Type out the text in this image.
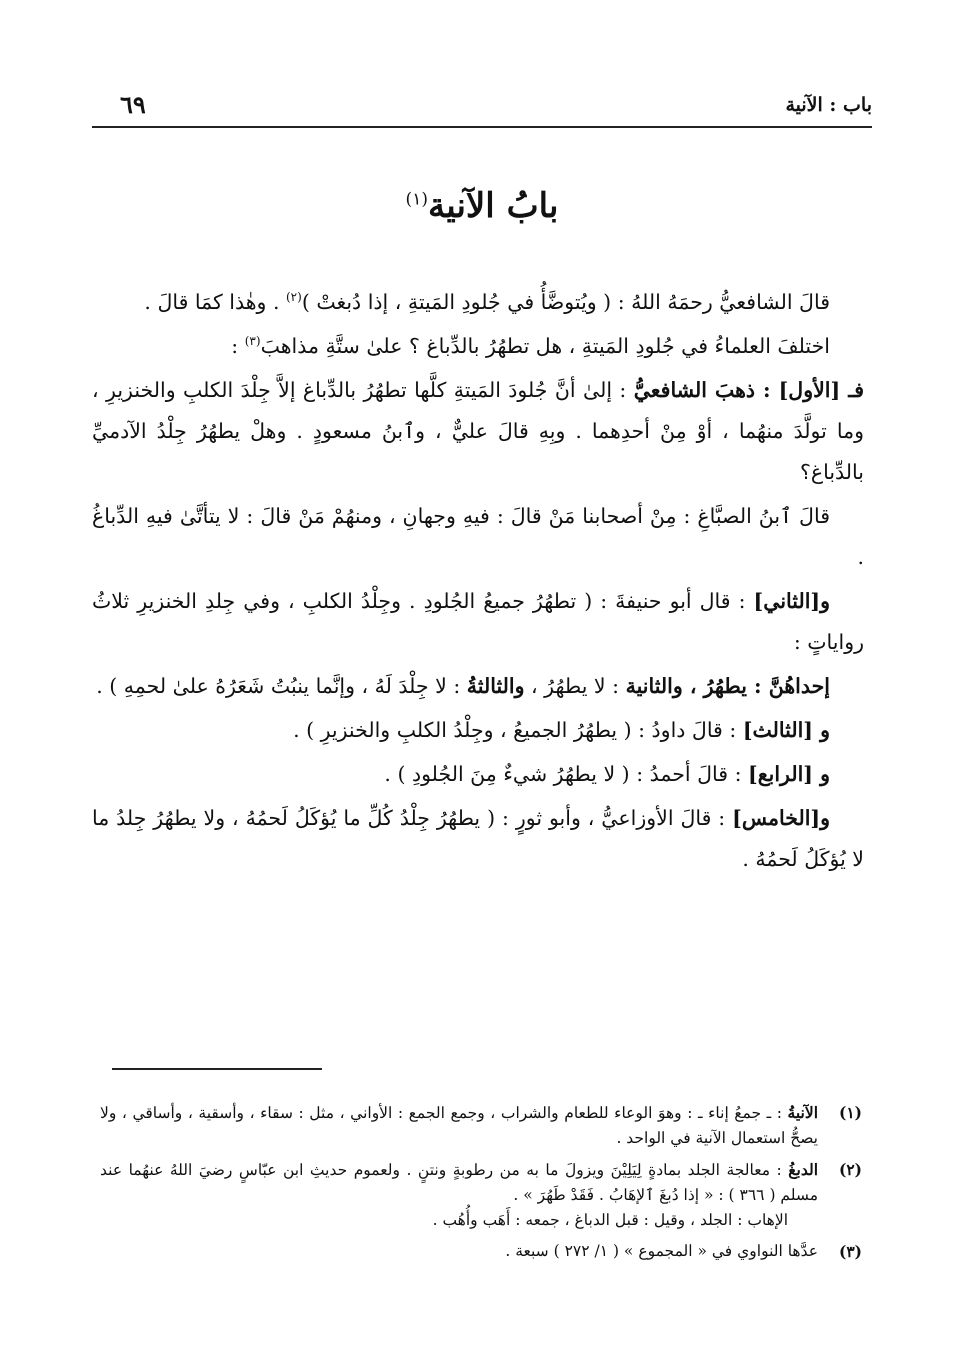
باب : الآنية
٦٩
بابُ الآنية$^{(١)}$

قالَ الشافعيُّ رحمَهُ اللهُ : ( ويُتوضَّأُ في جُلودِ المَيتةِ ، إذا دُبغتْ )$^{(٢)}$ . وهٰذا كمَا قالَ .

اختلفَ العلماءُ في جُلودِ المَيتةِ ، هل تطهُرُ بالدِّباغ ؟ علىٰ ستَّةِ مذاهبَ$^{(٣)}$ :

فـ [الأول] : ذهبَ الشافعيُّ : إلىٰ أنَّ جُلودَ المَيتةِ كلَّها تطهُرُ بالدِّباغ إلاَّ جِلْدَ الكلبِ والخنزيرِ ، وما تولَّدَ منهُما ، أوْ مِنْ أحدِهما . وبِهِ قالَ عليٌّ ، وٱبنُ مسعودٍ . وهلْ يطهُرُ جِلْدُ الآدميِّ بالدِّباغ؟

قالَ ٱبنُ الصبَّاغِ : مِنْ أصحابنا مَنْ قالَ : فيهِ وجهانِ ، ومنهُمْ مَنْ قالَ : لا يتأتَّىٰ فيهِ الدِّباغُ .

و[الثاني] : قال أبو حنيفةَ : ( تطهُرُ جميعُ الجُلودِ . وجِلْدُ الكلبِ ، وفي جِلدِ الخنزيرِ ثلاثُ رواياتٍ :

إحداهُنَّ : يطهُرُ ، والثانية : لا يطهُرُ ، والثالثةُ : لا جِلْدَ لَهُ ، وإنَّما ينبُتُ شَعَرُهُ علىٰ لحمِهِ ) .

و [الثالث] : قالَ داودُ : ( يطهُرُ الجميعُ ، وجِلْدُ الكلبِ والخنزيرِ ) .

و [الرابع] : قالَ أحمدُ : ( لا يطهُرُ شيءٌ مِنَ الجُلودِ ) .

و[الخامس] : قالَ الأوزاعيُّ ، وأبو ثورٍ : ( يطهُرُ جِلْدُ كُلِّ ما يُؤكَلُ لَحمُهُ ، ولا يطهُرُ جِلدُ ما لا يُؤكَلُ لَحمُهُ .

(١)
الآنيةُ : ـ جمعُ إناء ـ : وهوَ الوعاء للطعام والشراب ، وجمع الجمع : الأواني ، مثل : سقاء ، وأسقية ، وأساقي ، ولا يصحُّ استعمال الآنية في الواحد .
(٢)
الدبغُ : معالجة الجلد بمادةٍ لِيَلِيْنَ ويزولَ ما به من رطوبةٍ ونتنٍ . ولعموم حديثِ ابن عبّاسٍ رضيَ اللهُ عنهُما عند مسلم ( ٣٦٦ ) : « إذا دُبغَ ٱلإهَابُ . فَقَدْ طَهُرَ » .
الإهاب : الجلد ، وقيل : قبل الدباغ ، جمعه : أَهَب وأُهُب .
(٣)
عدَّها النواوي في « المجموع » ( ١/ ٢٧٢ ) سبعة .
